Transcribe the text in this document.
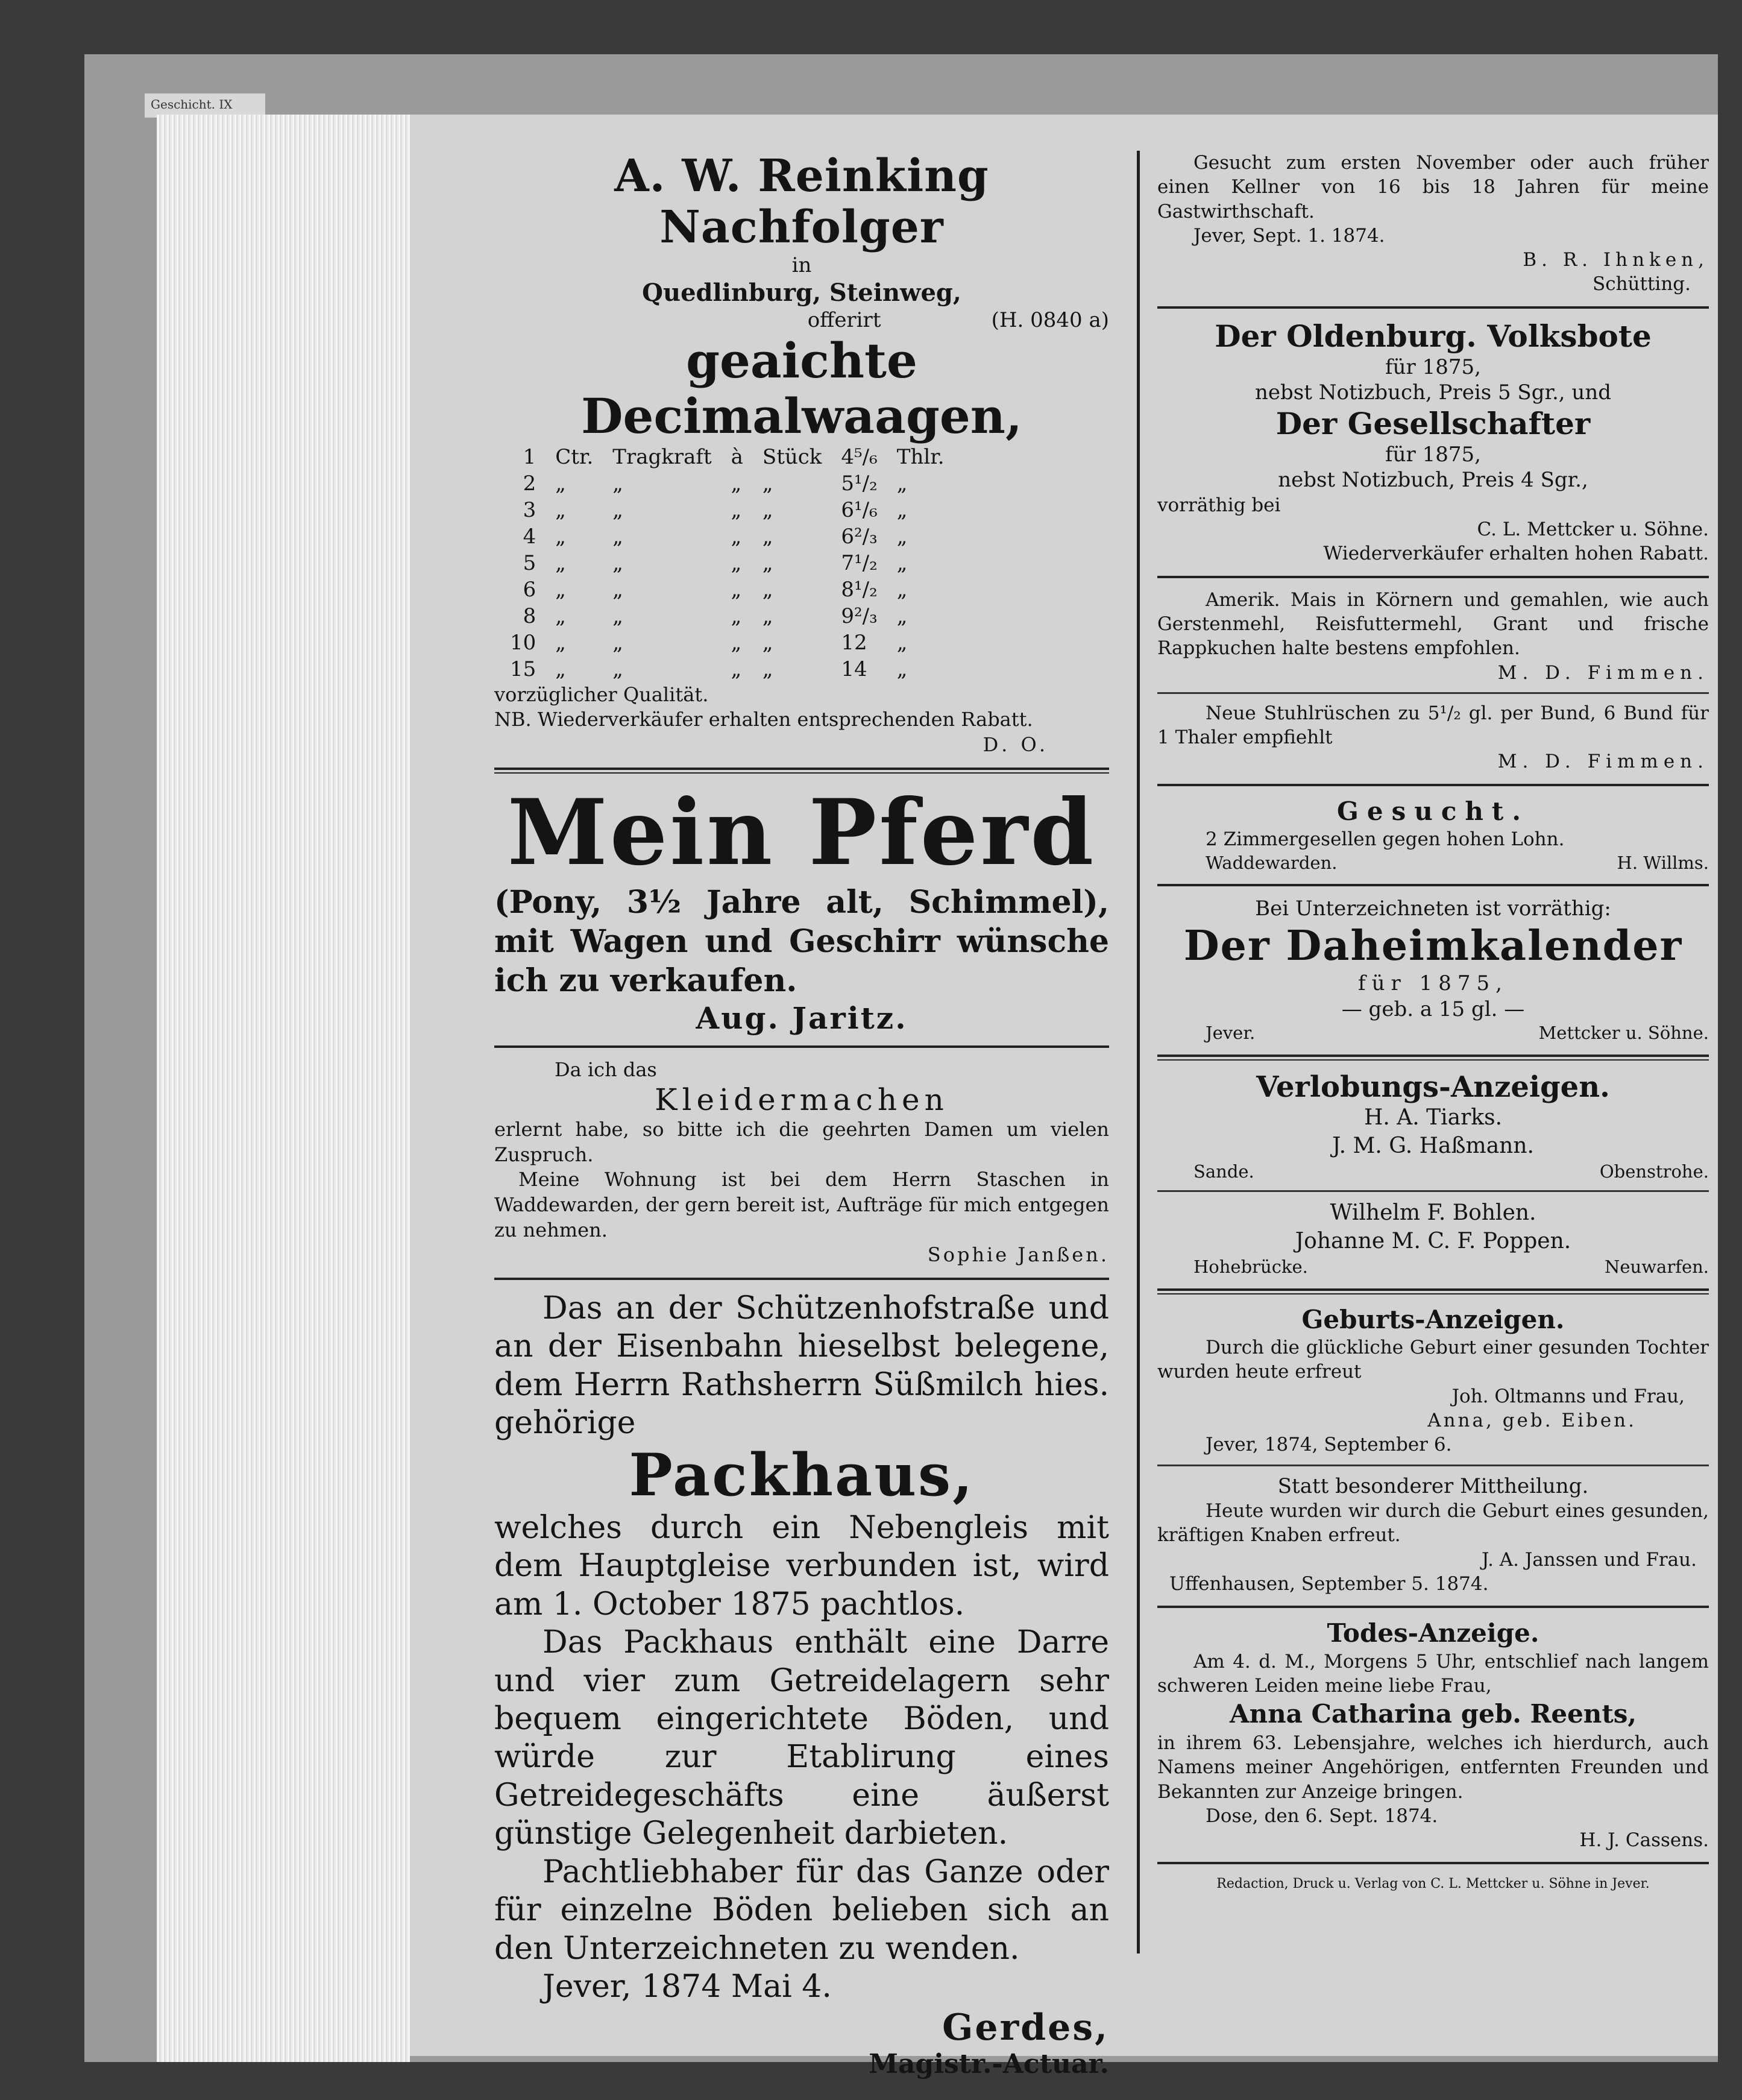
Geschicht. IX
A. W. Reinking Nachfolger
in
Quedlinburg, Steinweg,
offerirt	(H. 0840 a)
geaichte Decimalwaagen,
1	Ctr.	Tragkraft	à	Stück	4⁵/₆	Thlr.
2	„	„	„	„	5¹/₂	„
3	„	„	„	„	6¹/₆	„
4	„	„	„	„	6²/₃	„
5	„	„	„	„	7¹/₂	„
6	„	„	„	„	8¹/₂	„
8	„	„	„	„	9²/₃	„
10	„	„	„	„	12	„
15	„	„	„	„	14	„
vorzüglicher Qualität.
NB. Wiederverkäufer erhalten entsprechenden Rabatt.
D. O.
Mein Pferd
(Pony, 3½ Jahre alt, Schimmel), mit Wagen und Geschirr wünsche ich zu verkaufen.
Aug. Jaritz.
Da ich das
Kleidermachen
erlernt habe, so bitte ich die geehrten Damen um vielen Zuspruch.
Meine Wohnung ist bei dem Herrn Staschen in Waddewarden, der gern bereit ist, Aufträge für mich entgegen zu nehmen.
Sophie Janßen.
Das an der Schützenhofstraße und an der Eisenbahn hieselbst belegene, dem Herrn Rathsherrn Süßmilch hies. gehörige
Packhaus,
welches durch ein Nebengleis mit dem Hauptgleise verbunden ist, wird am 1. October 1875 pachtlos.
Das Packhaus enthält eine Darre und vier zum Getreidelagern sehr bequem eingerichtete Böden, und würde zur Etablirung eines Getreidegeschäfts eine äußerst günstige Gelegenheit darbieten.
Pachtliebhaber für das Ganze oder für einzelne Böden belieben sich an den Unterzeichneten zu wenden.
Jever, 1874 Mai 4.
Gerdes,
Magistr.-Actuar.
Gesucht zum ersten November oder auch früher einen Kellner von 16 bis 18 Jahren für meine Gastwirthschaft.
Jever, Sept. 1. 1874.
B. R. Ihnken,
Schütting.
Der Oldenburg. Volksbote
für 1875,
nebst Notizbuch, Preis 5 Sgr., und
Der Gesellschafter
für 1875,
nebst Notizbuch, Preis 4 Sgr.,
vorräthig bei
C. L. Mettcker u. Söhne.
Wiederverkäufer erhalten hohen Rabatt.
Amerik. Mais in Körnern und gemahlen, wie auch Gerstenmehl, Reisfuttermehl, Grant und frische Rappkuchen halte bestens empfohlen.
M. D. Fimmen.
Neue Stuhlrüschen zu 5¹/₂ gl. per Bund, 6 Bund für 1 Thaler empfiehlt
M. D. Fimmen.
Gesucht.
2 Zimmergesellen gegen hohen Lohn.
Waddewarden.	H. Willms.
Bei Unterzeichneten ist vorräthig:
Der Daheimkalender
für 1875,
— geb. a 15 gl. —
Jever.	Mettcker u. Söhne.
Verlobungs-Anzeigen.
H. A. Tiarks.
J. M. G. Haßmann.
Sande.	Obenstrohe.
Wilhelm F. Bohlen.
Johanne M. C. F. Poppen.
Hohebrücke.	Neuwarfen.
Geburts-Anzeigen.
Durch die glückliche Geburt einer gesunden Tochter wurden heute erfreut
Joh. Oltmanns und Frau,
Anna, geb. Eiben.
Jever, 1874, September 6.
Statt besonderer Mittheilung.
Heute wurden wir durch die Geburt eines gesunden, kräftigen Knaben erfreut.
J. A. Janssen und Frau.
Uffenhausen, September 5. 1874.
Todes-Anzeige.
Am 4. d. M., Morgens 5 Uhr, entschlief nach langem schweren Leiden meine liebe Frau,
Anna Catharina geb. Reents,
in ihrem 63. Lebensjahre, welches ich hierdurch, auch Namens meiner Angehörigen, entfernten Freunden und Bekannten zur Anzeige bringen.
Dose, den 6. Sept. 1874.
H. J. Cassens.
Redaction, Druck u. Verlag von C. L. Mettcker u. Söhne in Jever.
